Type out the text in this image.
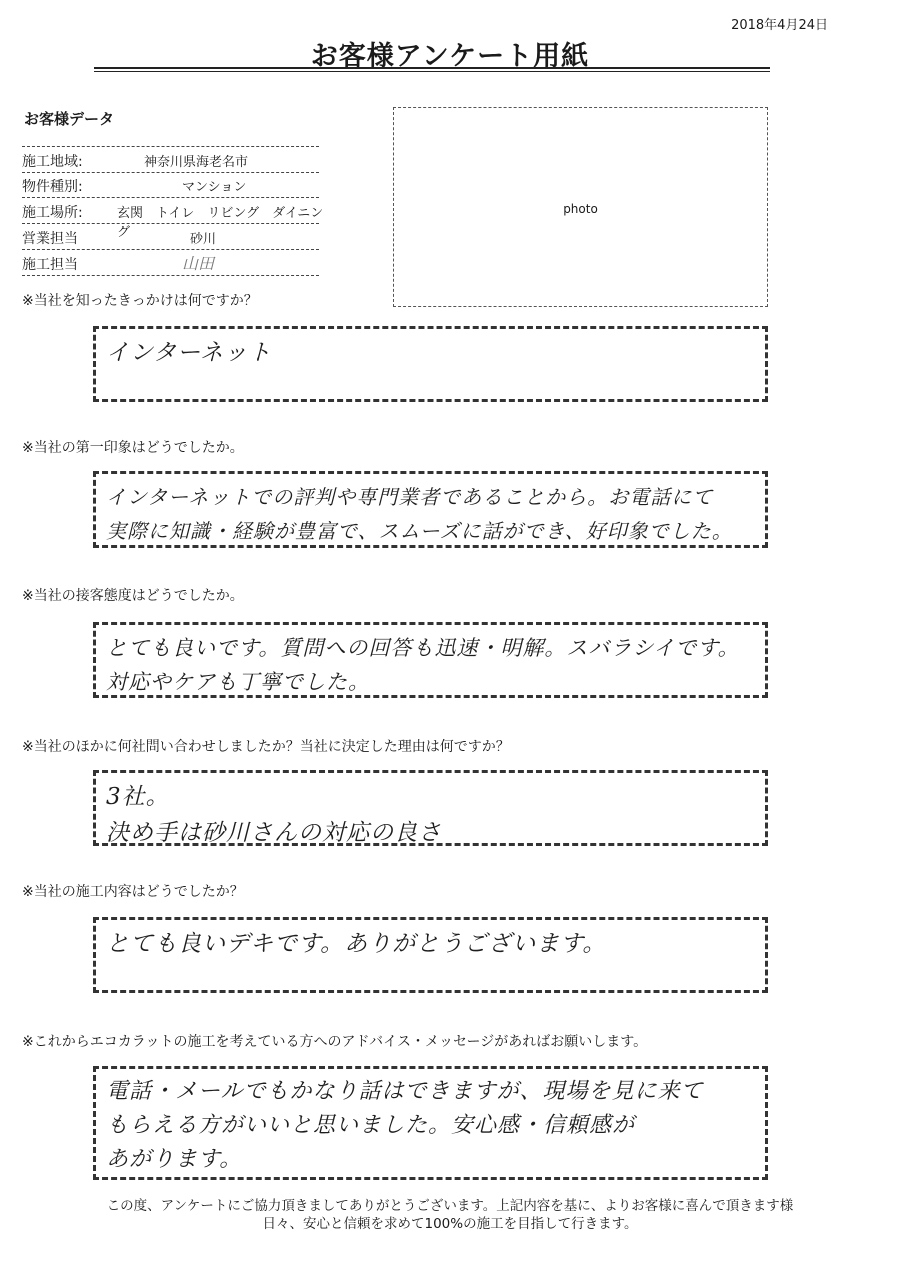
2018年4月24日
お客様アンケート用紙
お客様データ
施工地域:	神奈川県海老名市
物件種別:	マンション
施工場所:	玄関　トイレ　リビング　ダイニング
営業担当	砂川
施工担当	山田
photo
※当社を知ったきっかけは何ですか？
インターネット
※当社の第一印象はどうでしたか。
インターネットでの評判や専門業者であることから。お電話にて
実際に知識・経験が豊富で、スムーズに話ができ、好印象でした。
※当社の接客態度はどうでしたか。
とても良いです。質問への回答も迅速・明解。スバラシイです。
対応やケアも丁寧でした。
※当社のほかに何社問い合わせしましたか？当社に決定した理由は何ですか？
3社。
決め手は砂川さんの対応の良さ
※当社の施工内容はどうでしたか？
とても良いデキです。ありがとうございます。
※これからエコカラットの施工を考えている方へのアドバイス・メッセージがあればお願いします。
電話・メールでもかなり話はできますが、現場を見に来て
もらえる方がいいと思いました。安心感・信頼感が
あがります。
この度、アンケートにご協力頂きましてありがとうございます。上記内容を基に、よりお客様に喜んで頂きます様
日々、安心と信頼を求めて100%の施工を目指して行きます。
